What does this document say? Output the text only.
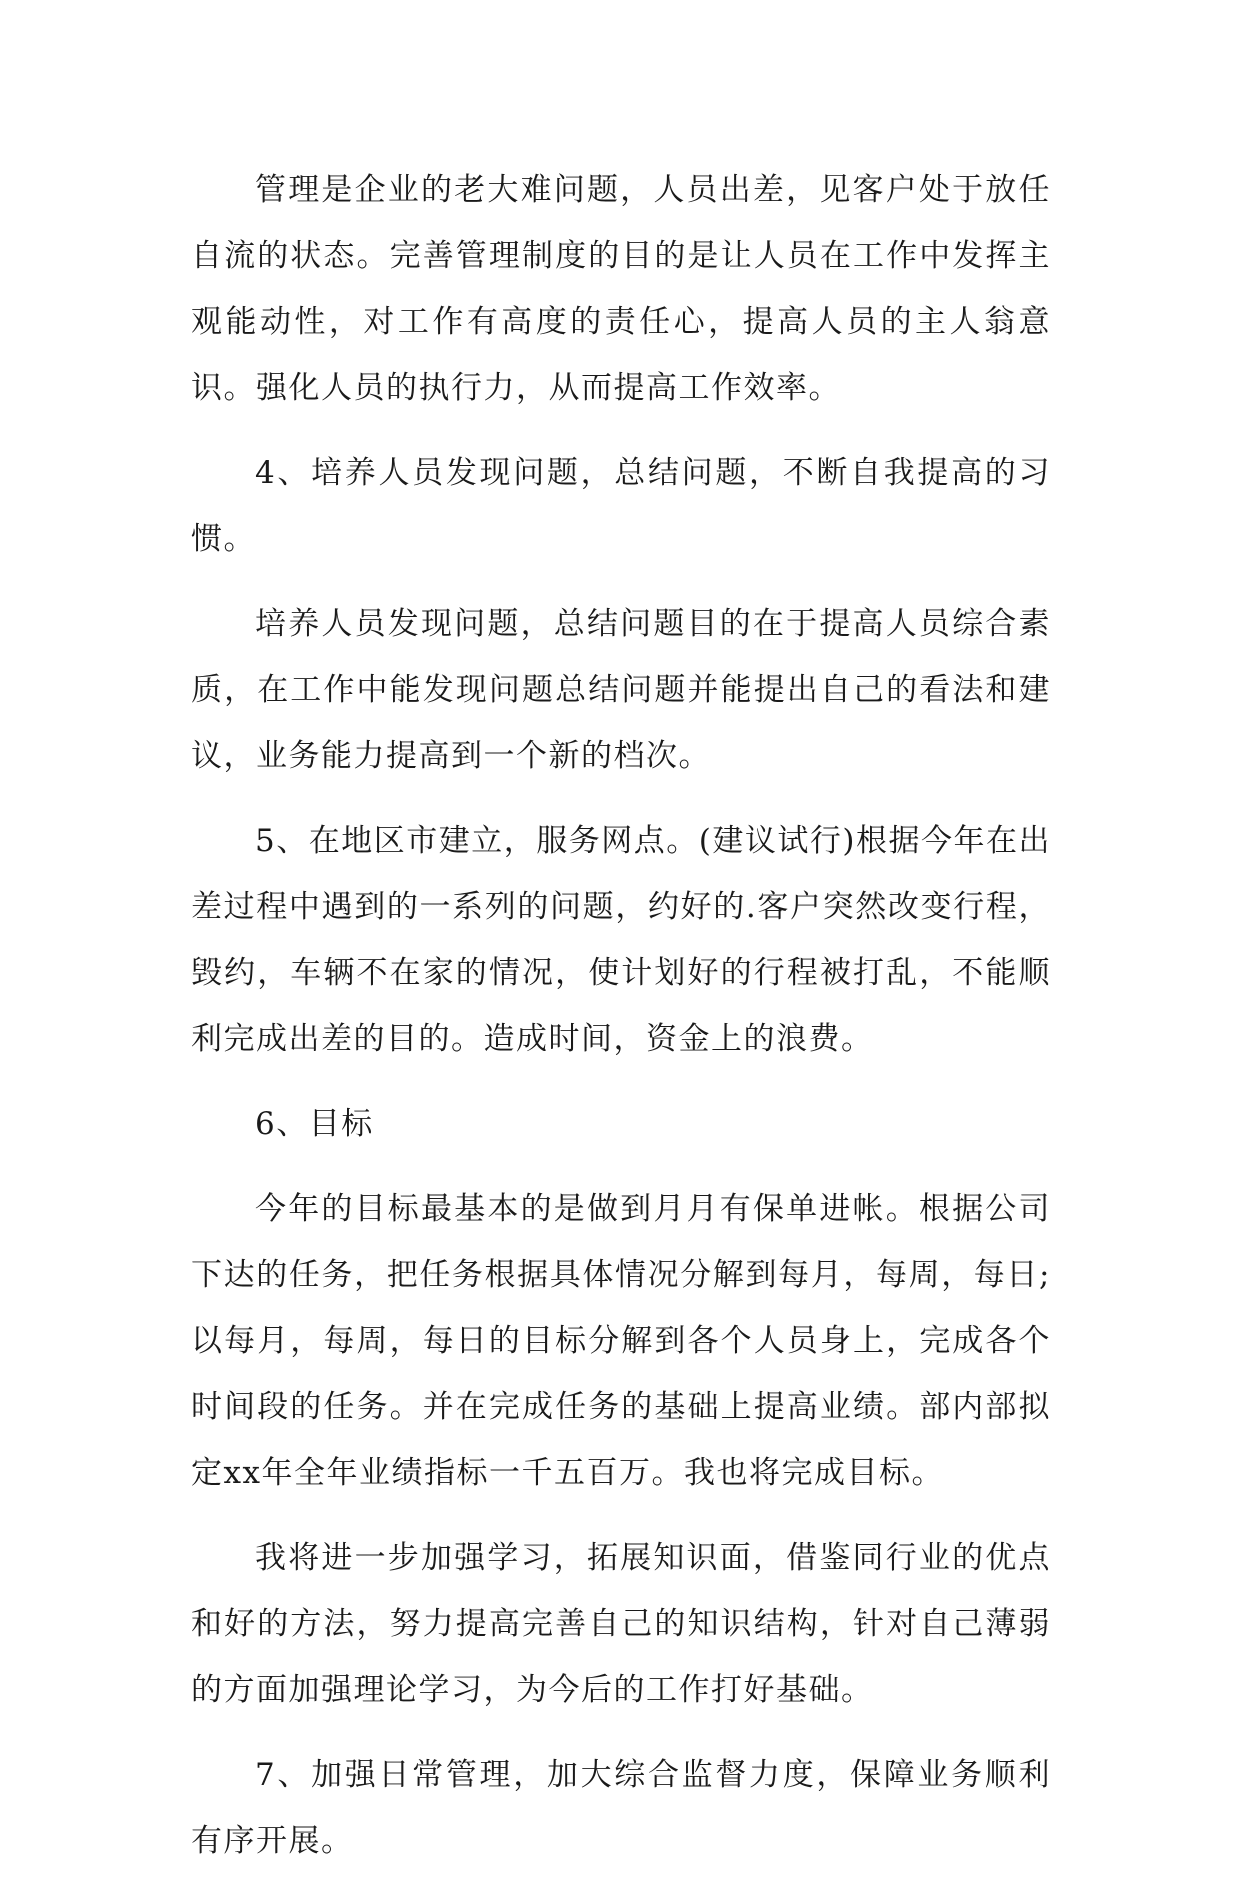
管理是企业的老大难问题，人员出差，见客户处于放任自流的状态。完善管理制度的目的是让人员在工作中发挥主观能动性，对工作有高度的责任心，提高人员的主人翁意识。强化人员的执行力，从而提高工作效率。

4、培养人员发现问题，总结问题，不断自我提高的习惯。

培养人员发现问题，总结问题目的在于提高人员综合素质，在工作中能发现问题总结问题并能提出自己的看法和建议，业务能力提高到一个新的档次。

5、在地区市建立，服务网点。(建议试行)根据今年在出差过程中遇到的一系列的问题，约好的.客户突然改变行程，毁约，车辆不在家的情况，使计划好的行程被打乱，不能顺利完成出差的目的。造成时间，资金上的浪费。

6、目标

今年的目标最基本的是做到月月有保单进帐。根据公司下达的任务，把任务根据具体情况分解到每月，每周，每日;以每月，每周，每日的目标分解到各个人员身上，完成各个时间段的任务。并在完成任务的基础上提高业绩。部内部拟定xx年全年业绩指标一千五百万。我也将完成目标。

我将进一步加强学习，拓展知识面，借鉴同行业的优点和好的方法，努力提高完善自己的知识结构，针对自己薄弱的方面加强理论学习，为今后的工作打好基础。

7、加强日常管理，加大综合监督力度，保障业务顺利有序开展。
